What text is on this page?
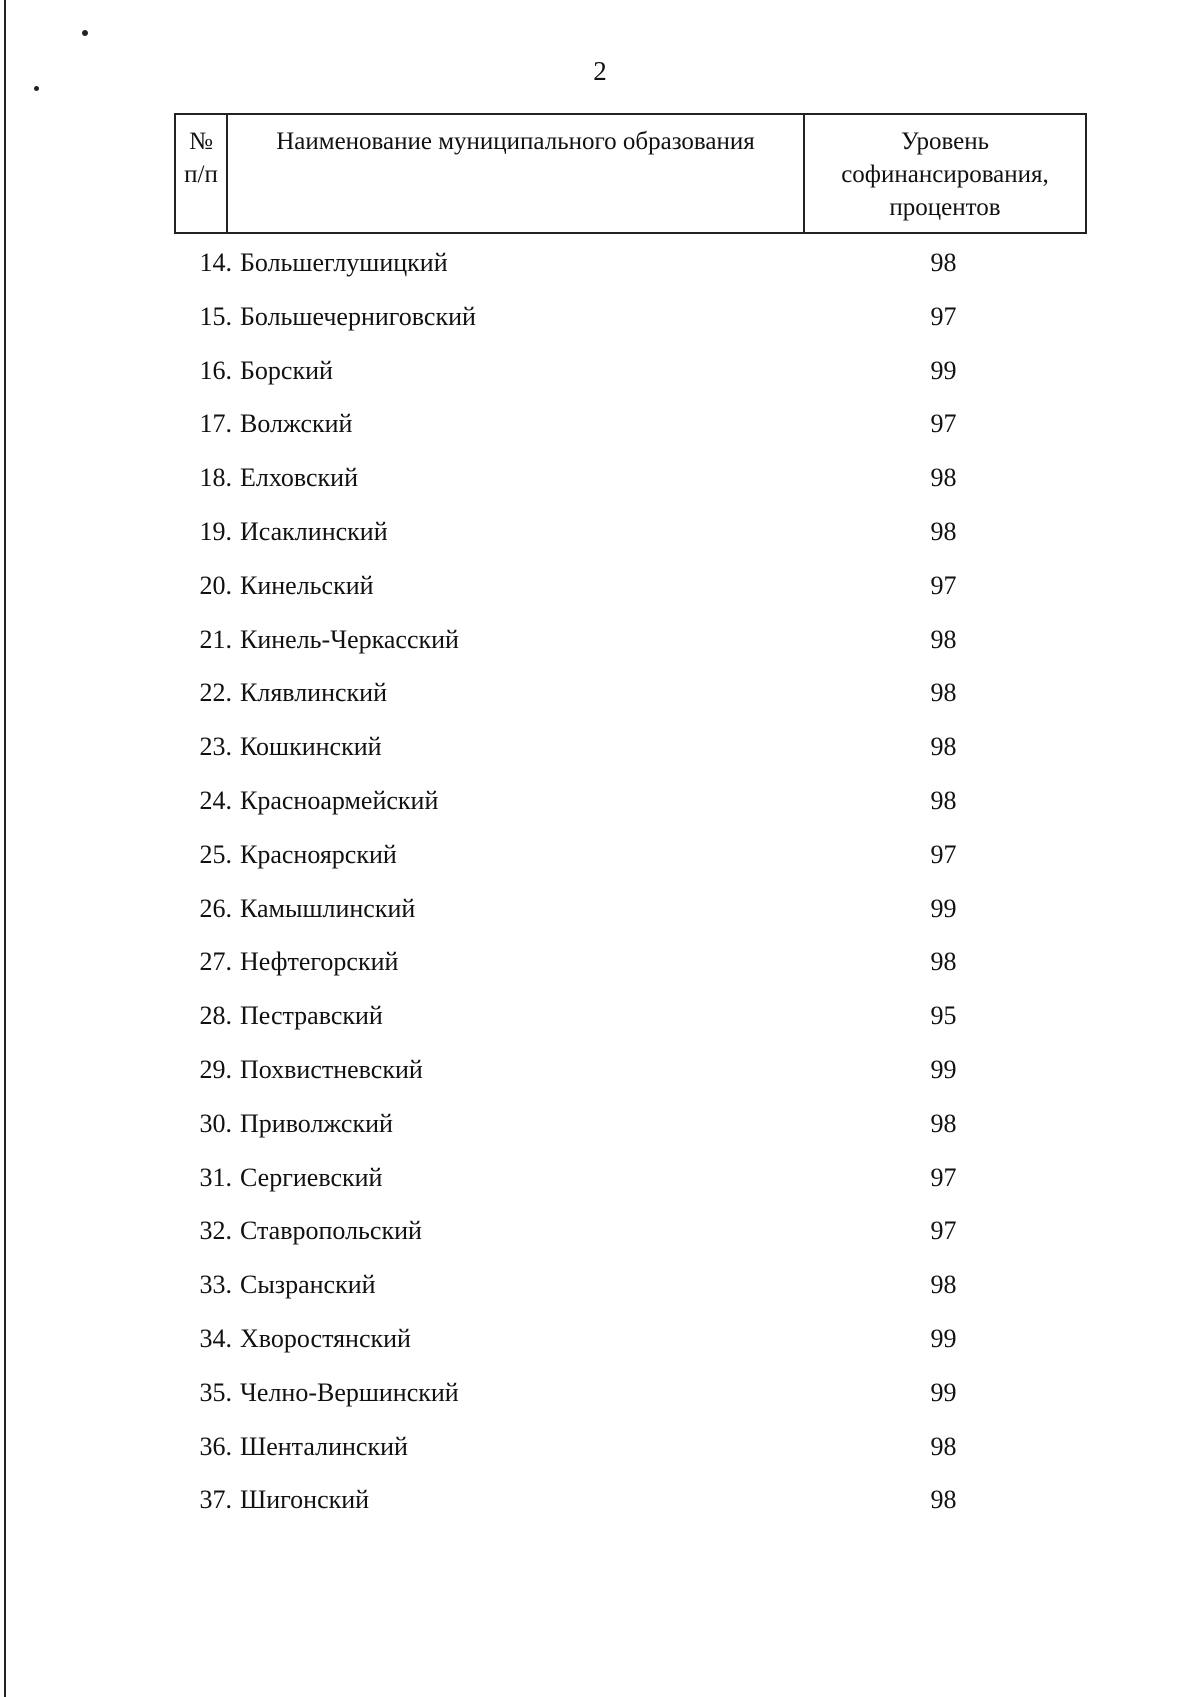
2
№ п/п	Наименование муниципального образования	Уровень софинансирования, процентов
14. Большеглушицкий	98
15. Большечерниговский	97
16. Борский	99
17. Волжский	97
18. Елховский	98
19. Исаклинский	98
20. Кинельский	97
21. Кинель-Черкасский	98
22. Клявлинский	98
23. Кошкинский	98
24. Красноармейский	98
25. Красноярский	97
26. Камышлинский	99
27. Нефтегорский	98
28. Пестравский	95
29. Похвистневский	99
30. Приволжский	98
31. Сергиевский	97
32. Ставропольский	97
33. Сызранский	98
34. Хворостянский	99
35. Челно-Вершинский	99
36. Шенталинский	98
37. Шигонский	98
